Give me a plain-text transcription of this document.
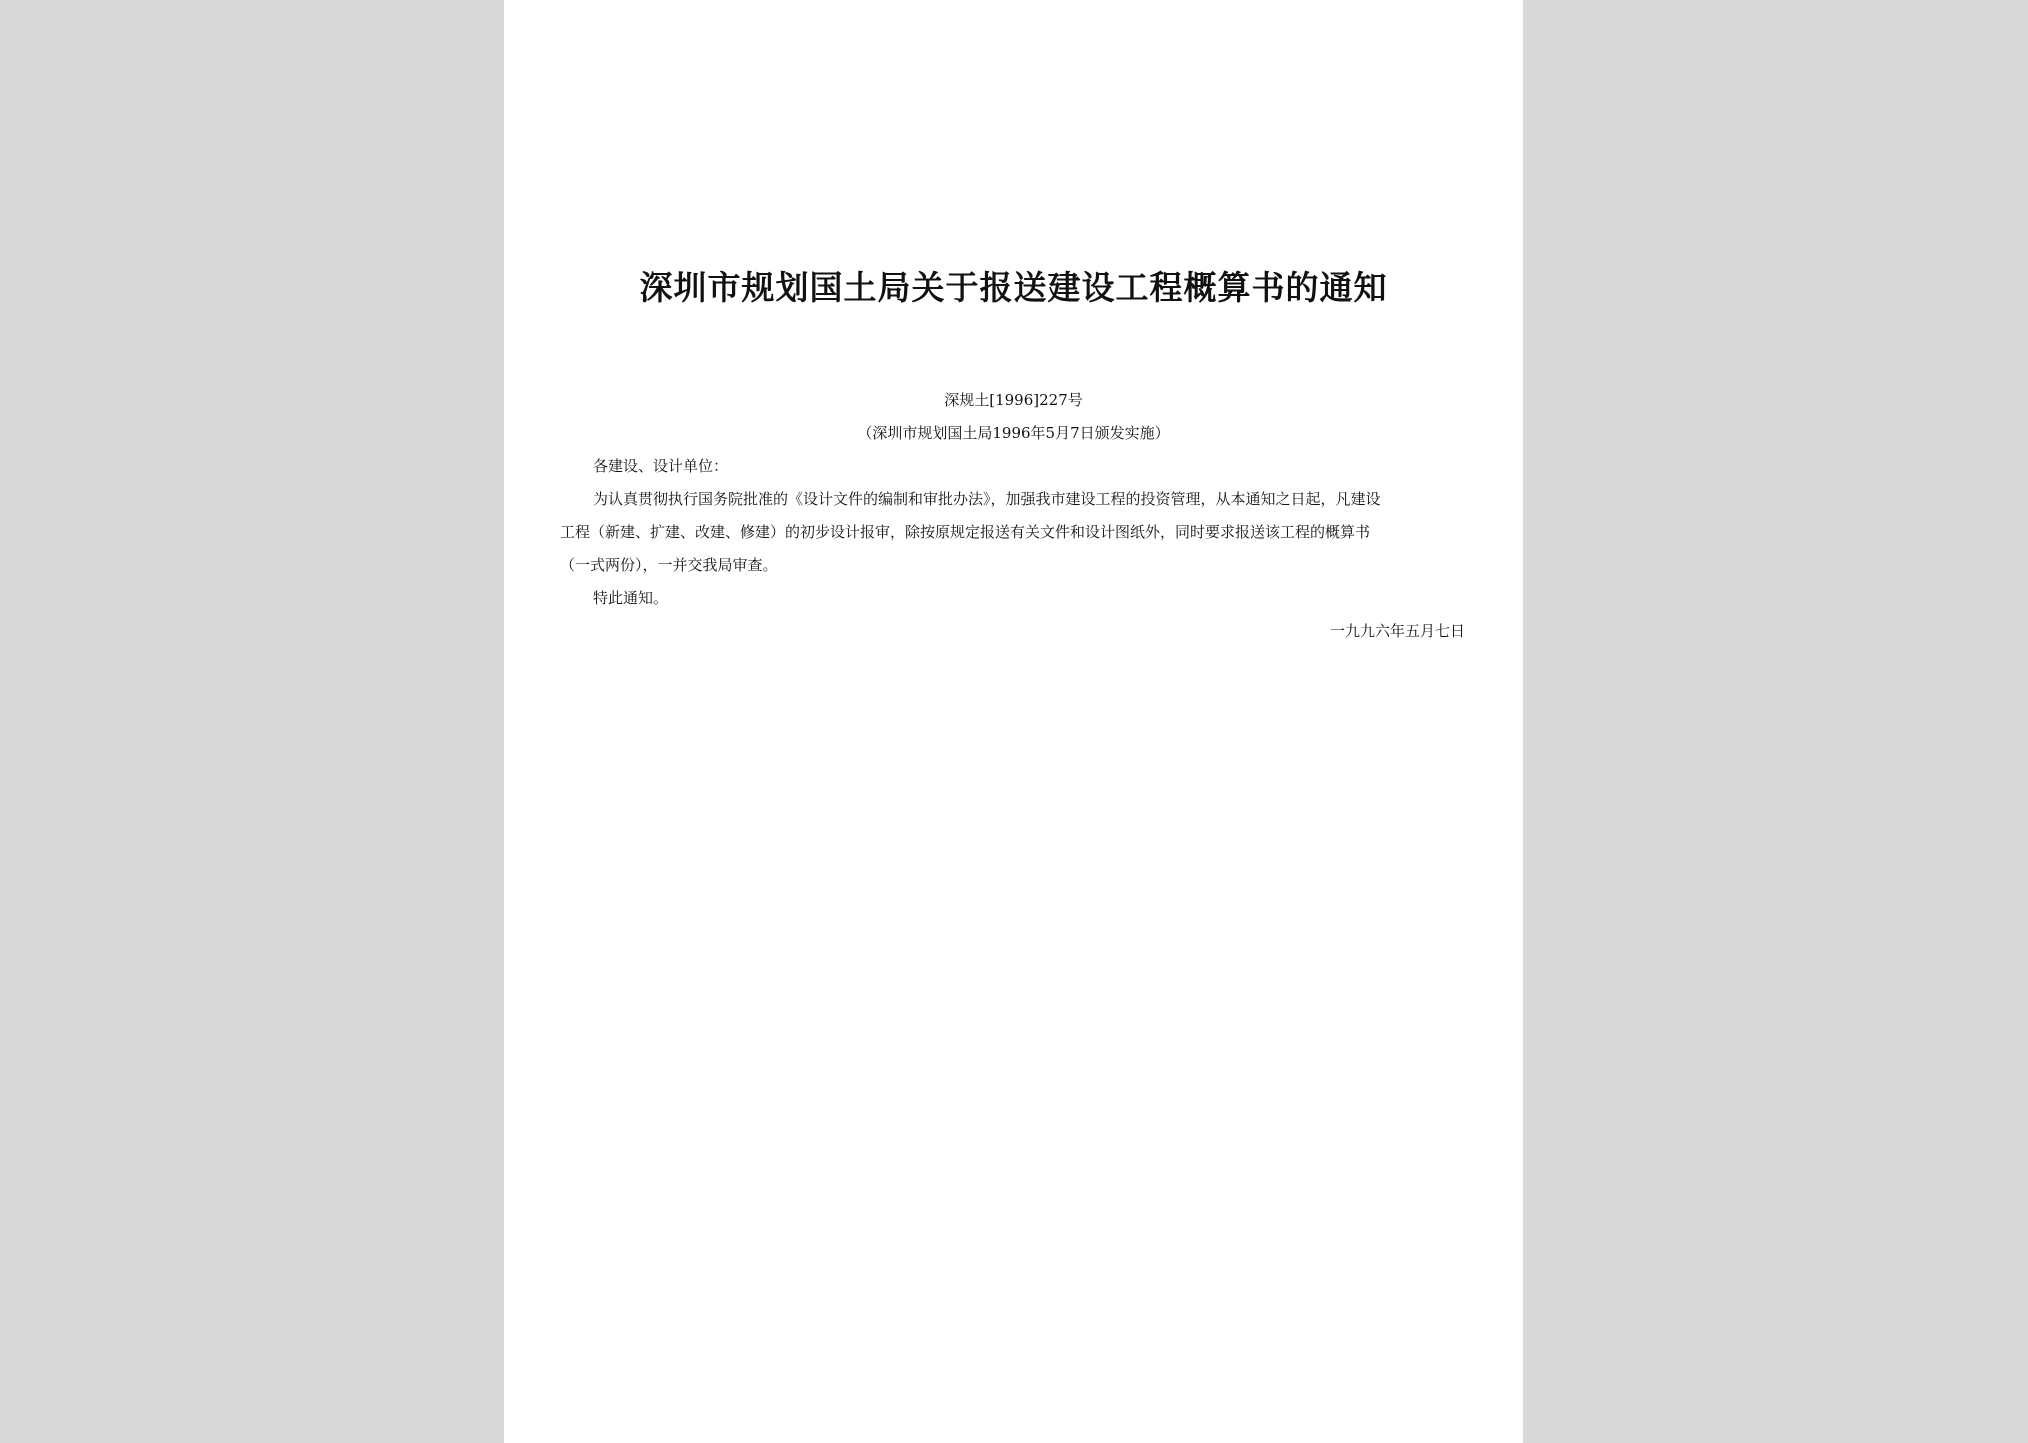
深圳市规划国土局关于报送建设工程概算书的通知
深规土[1996]227号
（深圳市规划国土局1996年5月7日颁发实施）
各建设、设计单位：
为认真贯彻执行国务院批准的《设计文件的编制和审批办法》，加强我市建设工程的投资管理，从本通知之日起，凡建设
工程（新建、扩建、改建、修建）的初步设计报审，除按原规定报送有关文件和设计图纸外，同时要求报送该工程的概算书
（一式两份），一并交我局审查。
特此通知。
一九九六年五月七日
